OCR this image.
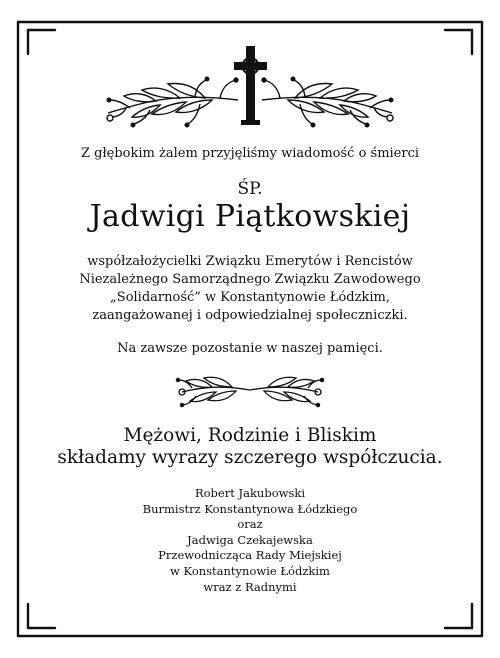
Z głębokim żalem przyjęliśmy wiadomość o śmierci

ŚP.

Jadwigi Piątkowskiej

współzałożycielki Związku Emerytów i Rencistów
Niezależnego Samorządnego Związku Zawodowego
„Solidarność” w Konstantynowie Łódzkim,
zaangażowanej i odpowiedzialnej społeczniczki.

Na zawsze pozostanie w naszej pamięci.

Mężowi, Rodzinie i Bliskim
składamy wyrazy szczerego współczucia.
Robert Jakubowski
Burmistrz Konstantynowa Łódzkiego
oraz
Jadwiga Czekajewska
Przewodnicząca Rady Miejskiej
w Konstantynowie Łódzkim
wraz z Radnymi
